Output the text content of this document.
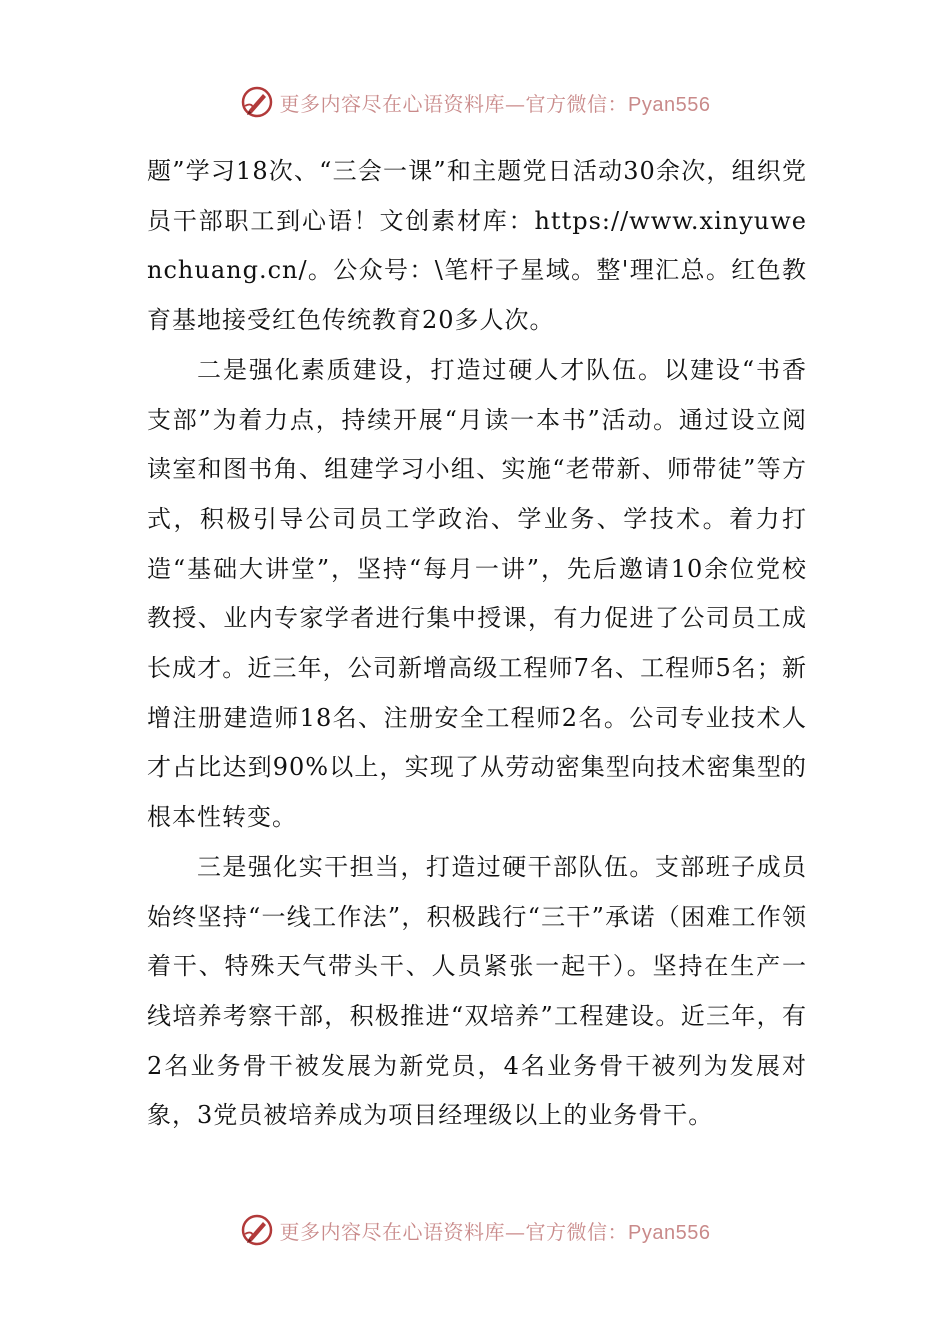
更多内容尽在心语资料库—官方微信：Pyan556

题”学习18次、“三会一课”和主题党日活动30余次，组织党员干部职工到心语！文创素材库：https://www.xinyuwenchuang.cn/。公众号：\笔杆子星域。整'理汇总。红色教育基地接受红色传统教育20多人次。

二是强化素质建设，打造过硬人才队伍。以建设“书香支部”为着力点，持续开展“月读一本书”活动。通过设立阅读室和图书角、组建学习小组、实施“老带新、师带徒”等方式，积极引导公司员工学政治、学业务、学技术。着力打造“基础大讲堂”，坚持“每月一讲”，先后邀请10余位党校教授、业内专家学者进行集中授课，有力促进了公司员工成长成才。近三年，公司新增高级工程师7名、工程师5名；新增注册建造师18名、注册安全工程师2名。公司专业技术人才占比达到90%以上，实现了从劳动密集型向技术密集型的根本性转变。

三是强化实干担当，打造过硬干部队伍。支部班子成员始终坚持“一线工作法”，积极践行“三干”承诺（困难工作领着干、特殊天气带头干、人员紧张一起干）。坚持在生产一线培养考察干部，积极推进“双培养”工程建设。近三年，有2名业务骨干被发展为新党员，4名业务骨干被列为发展对象，3党员被培养成为项目经理级以上的业务骨干。

更多内容尽在心语资料库—官方微信：Pyan556
